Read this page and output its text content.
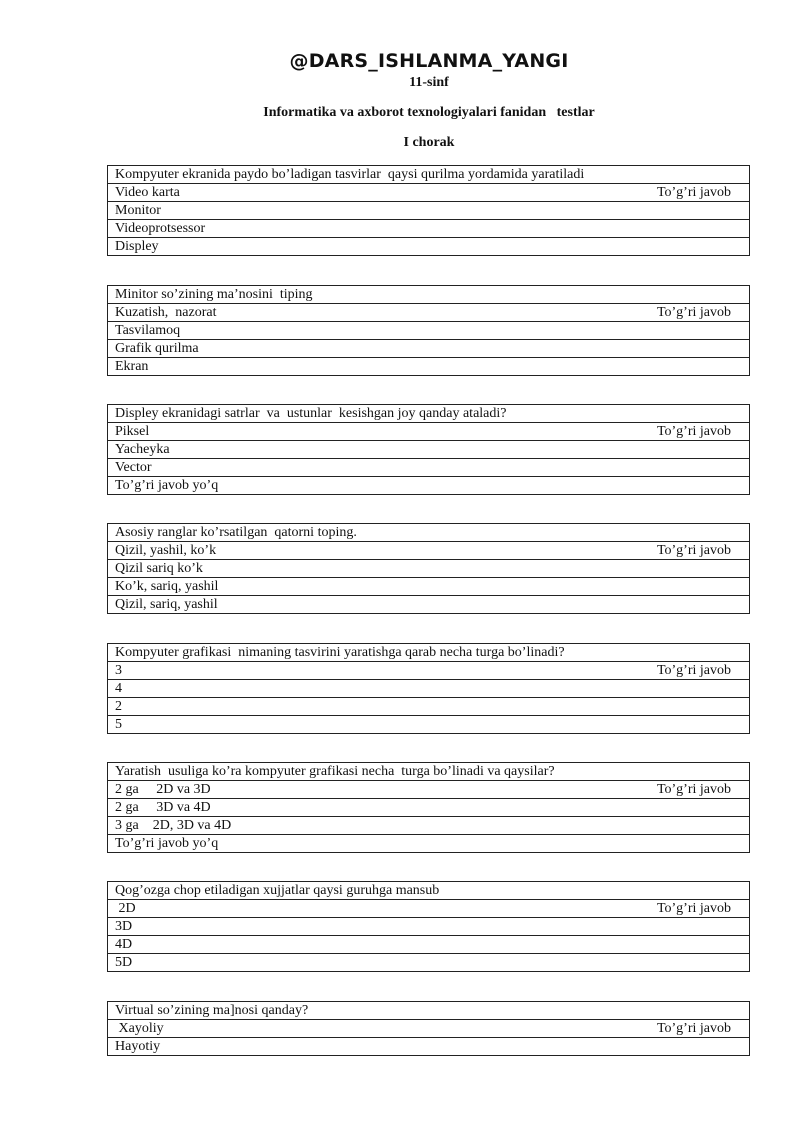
@DARS_ISHLANMA_YANGI
11-sinf
Informatika va axborot texnologiyalari fanidan   testlar
I chorak
Kompyuter ekranida paydo bo’ladigan tasvirlar  qaysi qurilma yordamida yaratiladi
Video karta	To’g’ri javob
Monitor
Videoprotsessor
Displey
Minitor so’zining ma’nosini  tiping
Kuzatish,  nazorat	To’g’ri javob
Tasvilamoq
Grafik qurilma
Ekran
Displey ekranidagi satrlar  va  ustunlar  kesishgan joy qanday ataladi?
Piksel	To’g’ri javob
Yacheyka
Vector
To’g’ri javob yo’q
Asosiy ranglar ko’rsatilgan  qatorni toping.
Qizil, yashil, ko’k	To’g’ri javob
Qizil sariq ko’k
Ko’k, sariq, yashil
Qizil, sariq, yashil
Kompyuter grafikasi  nimaning tasvirini yaratishga qarab necha turga bo’linadi?
3	To’g’ri javob
4
2
5
Yaratish  usuliga ko’ra kompyuter grafikasi necha  turga bo’linadi va qaysilar?
2 ga     2D va 3D	To’g’ri javob
2 ga     3D va 4D
3 ga    2D, 3D va 4D
To’g’ri javob yo’q
Qog’ozga chop etiladigan xujjatlar qaysi guruhga mansub
2D	To’g’ri javob
3D
4D
5D
Virtual so’zining ma]nosi qanday?
Xayoliy	To’g’ri javob
Hayotiy
